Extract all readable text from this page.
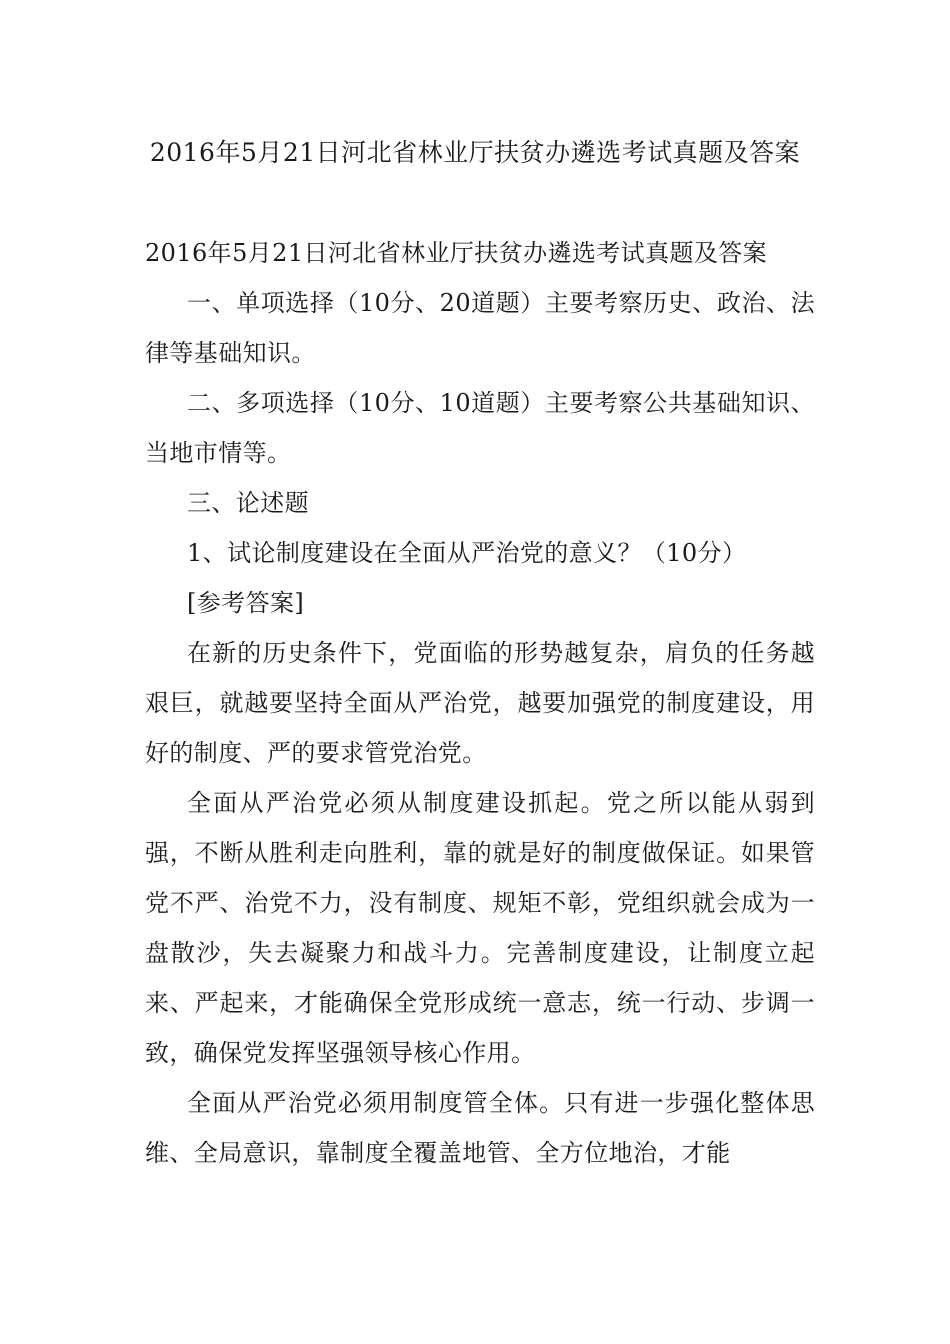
2016年5月21日河北省林业厅扶贫办遴选考试真题及答案

2016年5月21日河北省林业厅扶贫办遴选考试真题及答案

一、单项选择（10分、20道题）主要考察历史、政治、法律等基础知识。

二、多项选择（10分、10道题）主要考察公共基础知识、当地市情等。

三、论述题

1、试论制度建设在全面从严治党的意义？（10分）

[参考答案]

在新的历史条件下，党面临的形势越复杂，肩负的任务越艰巨，就越要坚持全面从严治党，越要加强党的制度建设，用好的制度、严的要求管党治党。

全面从严治党必须从制度建设抓起。党之所以能从弱到强，不断从胜利走向胜利，靠的就是好的制度做保证。如果管党不严、治党不力，没有制度、规矩不彰，党组织就会成为一盘散沙，失去凝聚力和战斗力。完善制度建设，让制度立起来、严起来，才能确保全党形成统一意志，统一行动、步调一致，确保党发挥坚强领导核心作用。

全面从严治党必须用制度管全体。只有进一步强化整体思维、全局意识，靠制度全覆盖地管、全方位地治，才能
